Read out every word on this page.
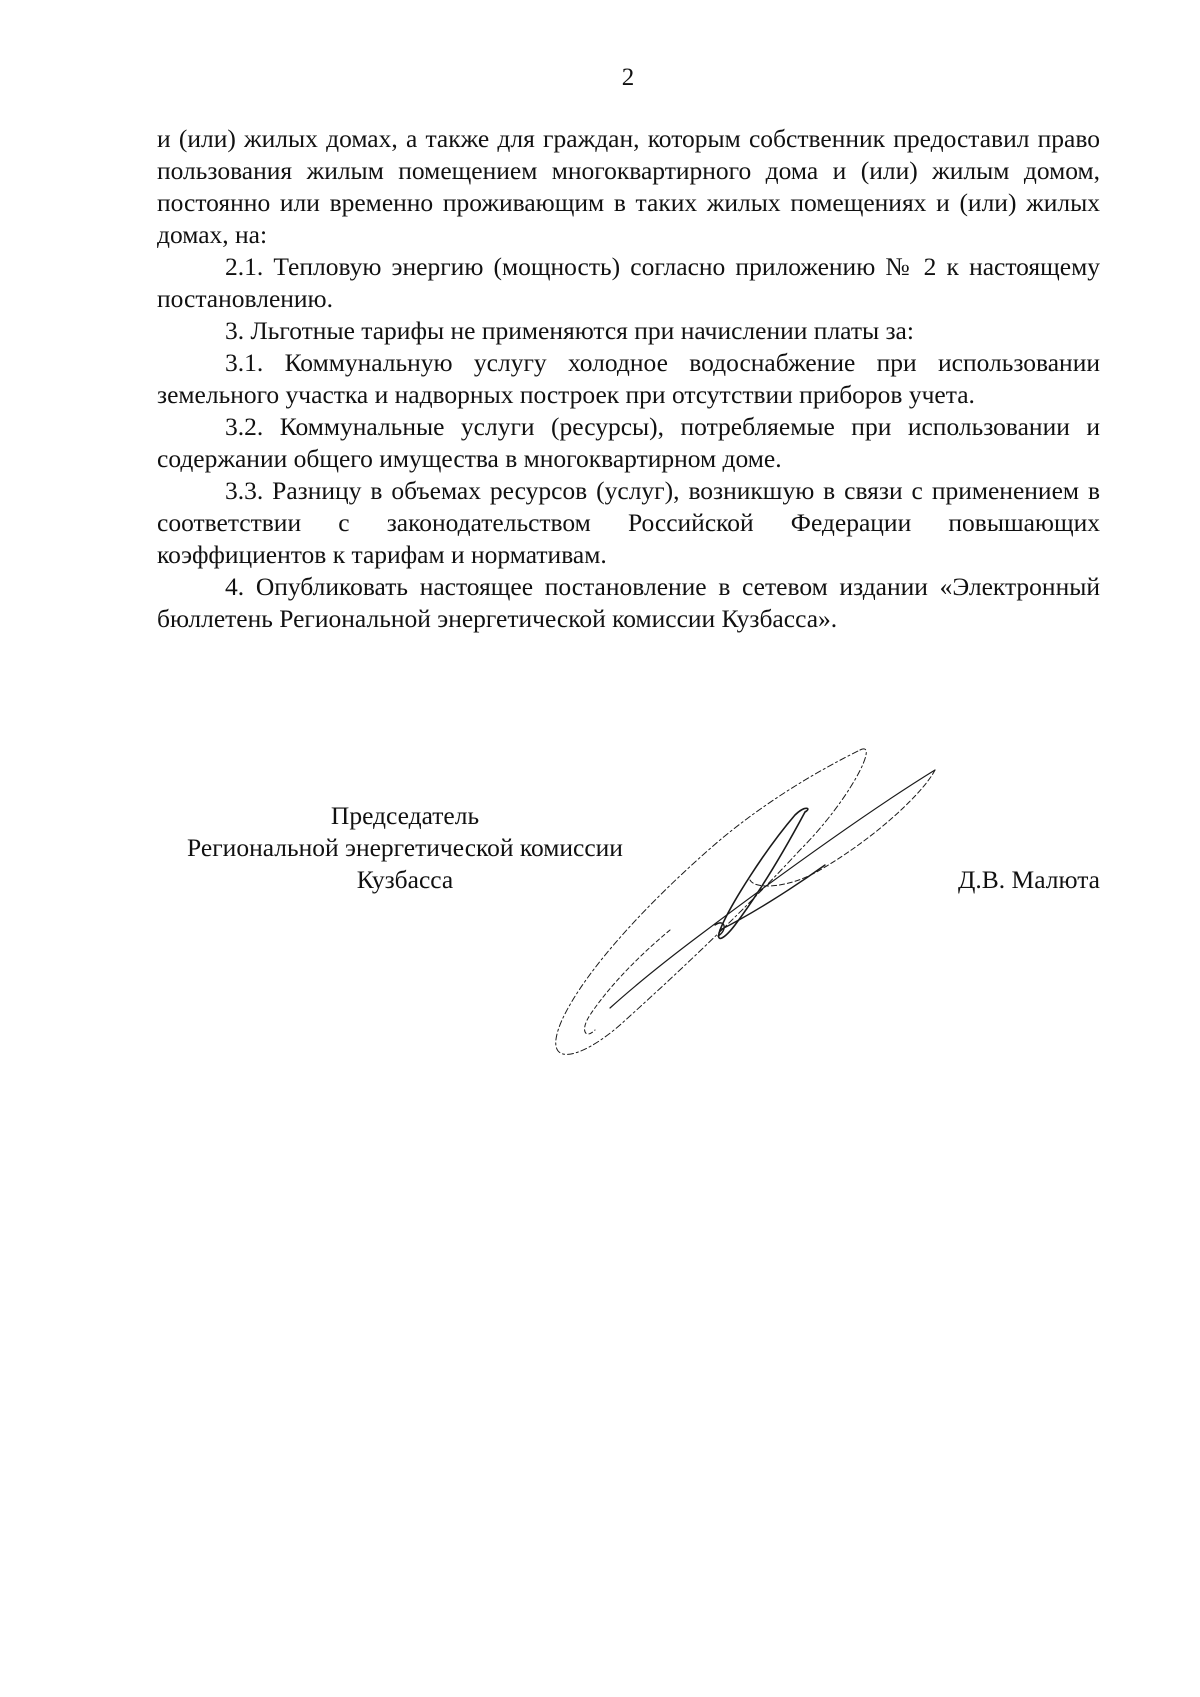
2

и (или) жилых домах, а также для граждан, которым собственник предоставил право пользования жилым помещением многоквартирного дома и (или) жилым домом, постоянно или временно проживающим в таких жилых помещениях и (или) жилых домах, на:

2.1. Тепловую энергию (мощность) согласно приложению № 2 к настоящему постановлению.

3. Льготные тарифы не применяются при начислении платы за:

3.1. Коммунальную услугу холодное водоснабжение при использовании земельного участка и надворных построек при отсутствии приборов учета.

3.2. Коммунальные услуги (ресурсы), потребляемые при использовании и содержании общего имущества в многоквартирном доме.

3.3. Разницу в объемах ресурсов (услуг), возникшую в связи с применением в соответствии с законодательством Российской Федерации повышающих коэффициентов к тарифам и нормативам.

4. Опубликовать настоящее постановление в сетевом издании «Электронный бюллетень Региональной энергетической комиссии Кузбасса».

Председатель
Региональной энергетической комиссии
Кузбасса	Д.В. Малюта
